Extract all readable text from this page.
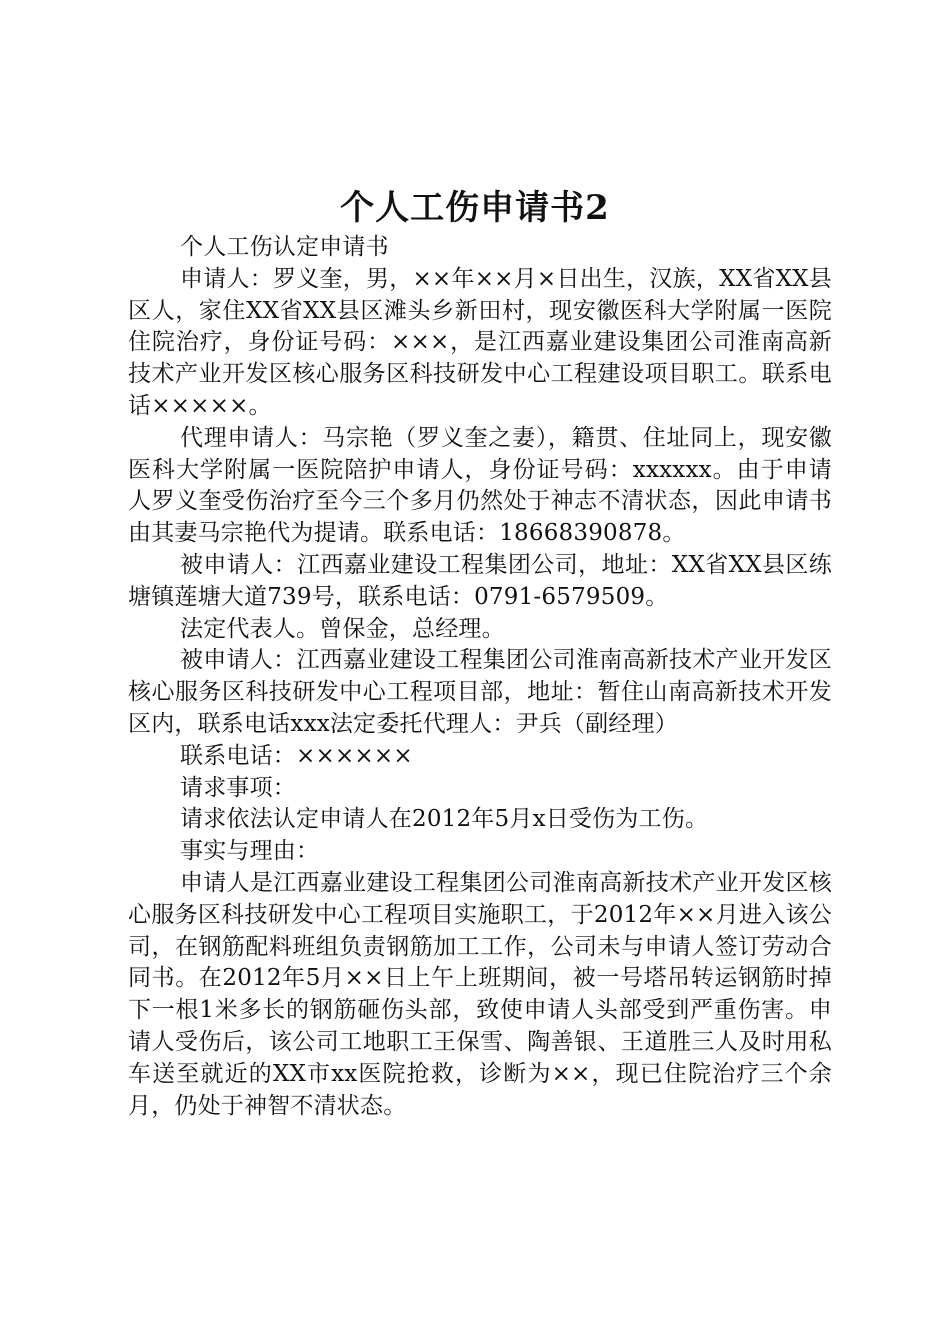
个人工伤申请书2

个人工伤认定申请书

申请人：罗义奎，男，××年××月×日出生，汉族，XX省XX县区人，家住XX省XX县区滩头乡新田村，现安徽医科大学附属一医院住院治疗，身份证号码：×××，是江西嘉业建设集团公司淮南高新技术产业开发区核心服务区科技研发中心工程建设项目职工。联系电话×××××。

代理申请人：马宗艳（罗义奎之妻），籍贯、住址同上，现安徽医科大学附属一医院陪护申请人，身份证号码：xxxxxx。由于申请人罗义奎受伤治疗至今三个多月仍然处于神志不清状态，因此申请书由其妻马宗艳代为提请。联系电话：18668390878。

被申请人：江西嘉业建设工程集团公司，地址：XX省XX县区练塘镇莲塘大道739号，联系电话：0791-6579509。

法定代表人。曾保金，总经理。

被申请人：江西嘉业建设工程集团公司淮南高新技术产业开发区核心服务区科技研发中心工程项目部，地址：暂住山南高新技术开发区内，联系电话xxx法定委托代理人：尹兵（副经理）

联系电话：××××××

请求事项：

请求依法认定申请人在2012年5月x日受伤为工伤。

事实与理由：

申请人是江西嘉业建设工程集团公司淮南高新技术产业开发区核心服务区科技研发中心工程项目实施职工，于2012年××月进入该公司，在钢筋配料班组负责钢筋加工工作，公司未与申请人签订劳动合同书。在2012年5月××日上午上班期间，被一号塔吊转运钢筋时掉下一根1米多长的钢筋砸伤头部，致使申请人头部受到严重伤害。申请人受伤后，该公司工地职工王保雪、陶善银、王道胜三人及时用私车送至就近的XX市xx医院抢救，诊断为××，现已住院治疗三个余月，仍处于神智不清状态。
